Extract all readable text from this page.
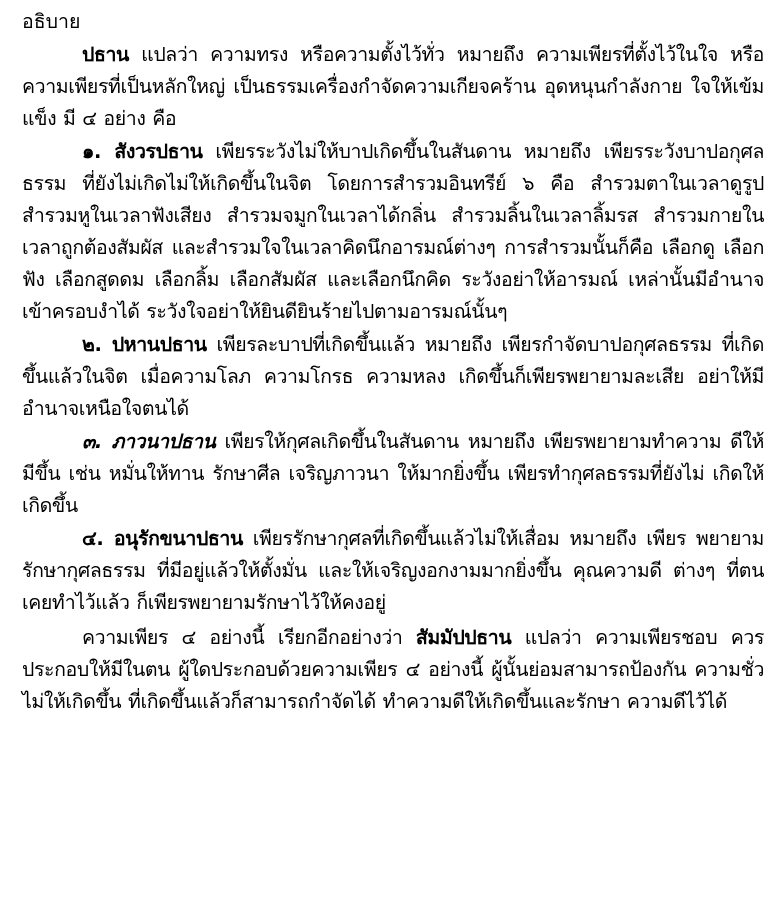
อธิบาย

ปธาน แปลว่า ความทรง หรือความตั้งไว้ทั่ว หมายถึง ความเพียรที่ตั้งไว้ในใจ หรือความเพียรที่เป็นหลักใหญ่ เป็นธรรมเครื่องกำจัดความเกียจคร้าน อุดหนุนกำลังกาย ใจให้เข้มแข็ง มี ๔ อย่าง คือ

๑. สังวรปธาน เพียรระวังไม่ให้บาปเกิดขึ้นในสันดาน หมายถึง เพียรระวังบาปอกุศลธรรม ที่ยังไม่เกิดไม่ให้เกิดขึ้นในจิต โดยการสำรวมอินทรีย์ ๖ คือ สำรวมตาในเวลาดูรูป สำรวมหูในเวลาฟังเสียง สำรวมจมูกในเวลาได้กลิ่น สำรวมลิ้นในเวลาลิ้มรส สำรวมกายในเวลาถูกต้องสัมผัส และสำรวมใจในเวลาคิดนึกอารมณ์ต่างๆ การสำรวมนั้นก็คือ เลือกดู เลือกฟัง เลือกสูดดม เลือกลิ้ม เลือกสัมผัส และเลือกนึกคิด ระวังอย่าให้อารมณ์ เหล่านั้นมีอำนาจเข้าครอบงำได้ ระวังใจอย่าให้ยินดียินร้ายไปตามอารมณ์นั้นๆ

๒. ปหานปธาน เพียรละบาปที่เกิดขึ้นแล้ว หมายถึง เพียรกำจัดบาปอกุศลธรรม ที่เกิดขึ้นแล้วในจิต เมื่อความโลภ ความโกรธ ความหลง เกิดขึ้นก็เพียรพยายามละเสีย อย่าให้มีอำนาจเหนือใจตนได้

๓. ภาวนาปธาน เพียรให้กุศลเกิดขึ้นในสันดาน หมายถึง เพียรพยายามทำความ ดีให้มีขึ้น เช่น หมั่นให้ทาน รักษาศีล เจริญภาวนา ให้มากยิ่งขึ้น เพียรทำกุศลธรรมที่ยังไม่ เกิดให้เกิดขึ้น

๔. อนุรักขนาปธาน เพียรรักษากุศลที่เกิดขึ้นแล้วไม่ให้เสื่อม หมายถึง เพียร พยายามรักษากุศลธรรม ที่มีอยู่แล้วให้ตั้งมั่น และให้เจริญงอกงามมากยิ่งขึ้น คุณความดี ต่างๆ ที่ตนเคยทำไว้แล้ว ก็เพียรพยายามรักษาไว้ให้คงอยู่

ความเพียร ๔ อย่างนี้ เรียกอีกอย่างว่า สัมมัปปธาน แปลว่า ความเพียรชอบ ควร ประกอบให้มีในตน ผู้ใดประกอบด้วยความเพียร ๔ อย่างนี้ ผู้นั้นย่อมสามารถป้องกัน ความชั่วไม่ให้เกิดขึ้น ที่เกิดขึ้นแล้วก็สามารถกำจัดได้ ทำความดีให้เกิดขึ้นและรักษา ความดีไว้ได้
